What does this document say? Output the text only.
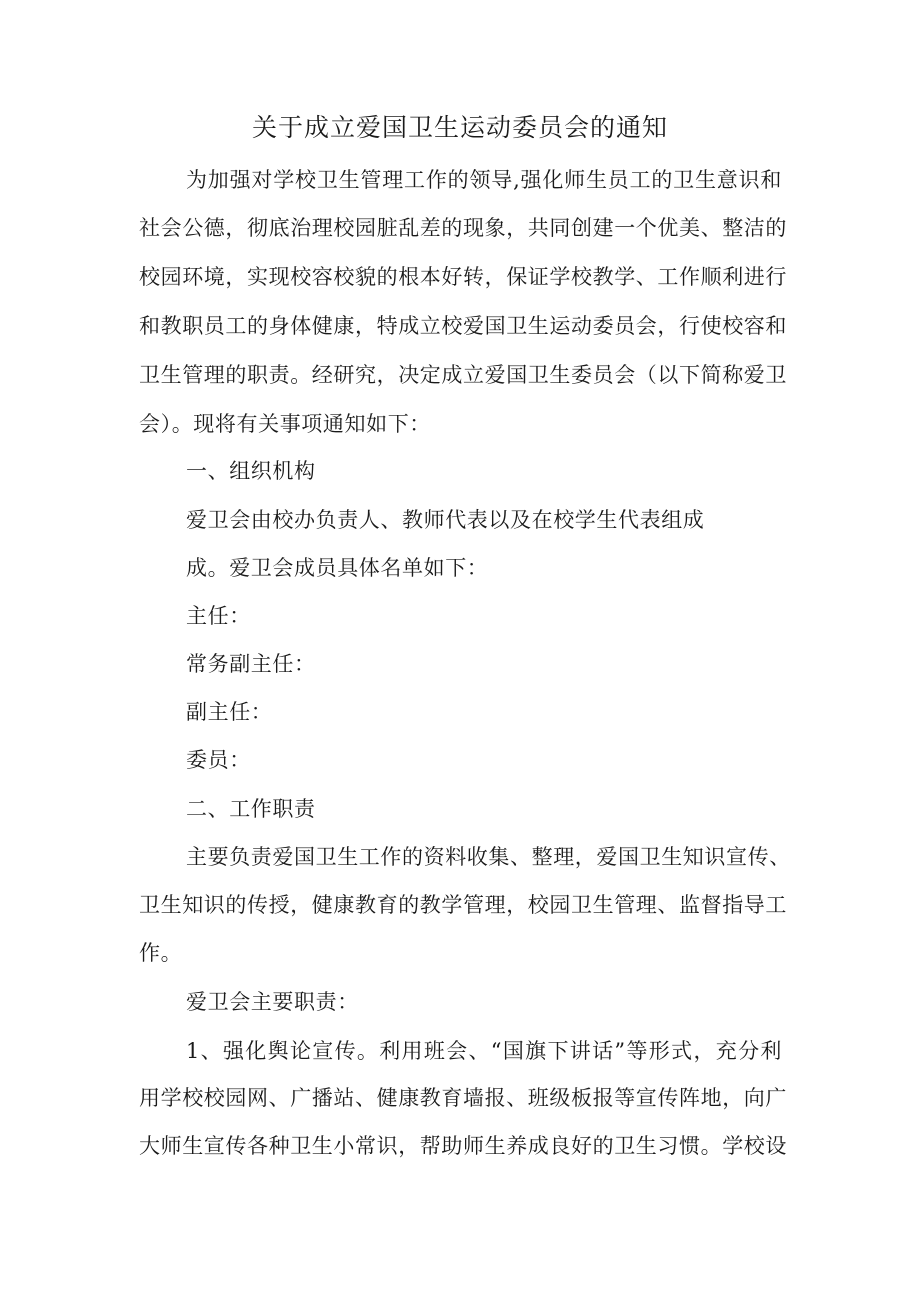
关于成立爱国卫生运动委员会的通知
为加强对学校卫生管理工作的领导,强化师生员工的卫生意识和
社会公德，彻底治理校园脏乱差的现象，共同创建一个优美、整洁的
校园环境，实现校容校貌的根本好转，保证学校教学、工作顺利进行
和教职员工的身体健康，特成立校爱国卫生运动委员会，行使校容和
卫生管理的职责。经研究，决定成立爱国卫生委员会（以下简称爱卫
会）。现将有关事项通知如下：
一、组织机构
爱卫会由校办负责人、教师代表以及在校学生代表组成
成。爱卫会成员具体名单如下：
主任：
常务副主任：
副主任：
委员：
二、工作职责
主要负责爱国卫生工作的资料收集、整理，爱国卫生知识宣传、
卫生知识的传授，健康教育的教学管理，校园卫生管理、监督指导工
作。
爱卫会主要职责：
1、强化舆论宣传。利用班会、“国旗下讲话”等形式，充分利
用学校校园网、广播站、健康教育墙报、班级板报等宣传阵地，向广
大师生宣传各种卫生小常识，帮助师生养成良好的卫生习惯。学校设
